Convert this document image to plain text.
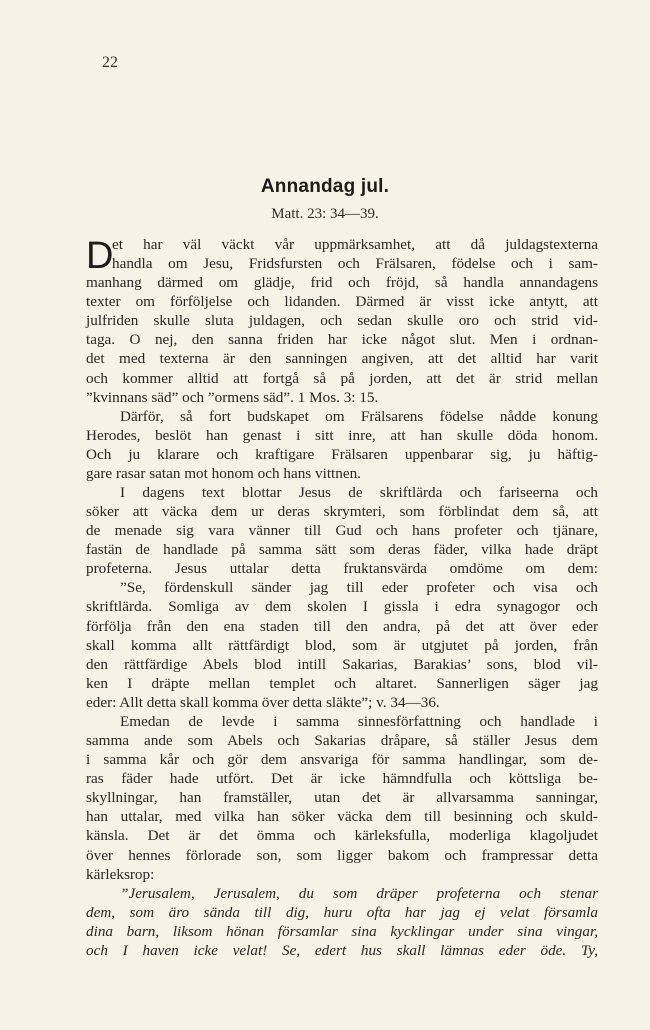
22
Annandag jul.
Matt. 23: 34—39.
D
et har väl väckt vår uppmärksamhet, att då juldagstexterna
handla om Jesu, Fridsfursten och Frälsaren, födelse och i sam-
manhang därmed om glädje, frid och fröjd, så handla annandagens
texter om förföljelse och lidanden. Därmed är visst icke antytt, att
julfriden skulle sluta juldagen, och sedan skulle oro och strid vid-
taga. O nej, den sanna friden har icke något slut. Men i ordnan-
det med texterna är den sanningen angiven, att det alltid har varit
och kommer alltid att fortgå så på jorden, att det är strid mellan
”kvinnans säd” och ”ormens säd”. 1 Mos. 3: 15.
Därför, så fort budskapet om Frälsarens födelse nådde konung
Herodes, beslöt han genast i sitt inre, att han skulle döda honom.
Och ju klarare och kraftigare Frälsaren uppenbarar sig, ju häftig-
gare rasar satan mot honom och hans vittnen.
I dagens text blottar Jesus de skriftlärda och fariseerna och
söker att väcka dem ur deras skrymteri, som förblindat dem så, att
de menade sig vara vänner till Gud och hans profeter och tjänare,
fastän de handlade på samma sätt som deras fäder, vilka hade dräpt
profeterna. Jesus uttalar detta fruktansvärda omdöme om dem:
”Se, fördenskull sänder jag till eder profeter och visa och
skriftlärda. Somliga av dem skolen I gissla i edra synagogor och
förfölja från den ena staden till den andra, på det att över eder
skall komma allt rättfärdigt blod, som är utgjutet på jorden, från
den rättfärdige Abels blod intill Sakarias, Barakias’ sons, blod vil-
ken I dräpte mellan templet och altaret. Sannerligen säger jag
eder: Allt detta skall komma över detta släkte”; v. 34—36.
Emedan de levde i samma sinnesförfattning och handlade i
samma ande som Abels och Sakarias dråpare, så ställer Jesus dem
i samma kår och gör dem ansvariga för samma handlingar, som de-
ras fäder hade utfört. Det är icke hämndfulla och köttsliga be-
skyllningar, han framställer, utan det är allvarsamma sanningar,
han uttalar, med vilka han söker väcka dem till besinning och skuld-
känsla. Det är det ömma och kärleksfulla, moderliga klagoljudet
över hennes förlorade son, som ligger bakom och frampressar detta
kärleksrop:
”Jerusalem, Jerusalem, du som dräper profeterna och stenar
dem, som äro sända till dig, huru ofta har jag ej velat församla
dina barn, liksom hönan församlar sina kycklingar under sina vingar,
och I haven icke velat! Se, edert hus skall lämnas eder öde. Ty,
